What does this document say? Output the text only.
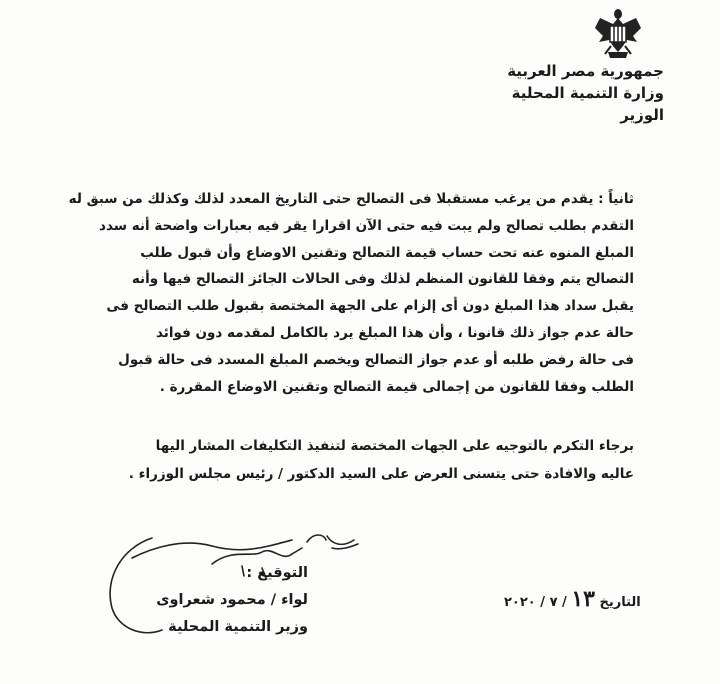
جمهورية مصر العربية
وزارة التنمية المحلية
الوزير

ثانياً : يقدم من يرغب مستقبلا فى التصالح حتى التاريخ المعدد لذلك وكذلك من سبق له

التقدم بطلب تصالح ولم يبت فيه حتى الآن اقرارا يقر فيه بعبارات واضحة أنه سدد

المبلغ المنوه عنه تحت حساب قيمة التصالح وتقنين الاوضاع وأن قبول طلب

التصالح يتم وفقا للقانون المنظم لذلك وفى الحالات الجائز التصالح فيها وأنه

يقبل سداد هذا المبلغ دون أى إلزام على الجهة المختصة بقبول طلب التصالح فى

حالة عدم جواز ذلك قانونا ، وأن هذا المبلغ يرد بالكامل لمقدمه دون فوائد

فى حالة رفض طلبه أو عدم جواز التصالح ويخصم المبلغ المسدد فى حالة قبول

الطلب وفقا للقانون من إجمالى قيمة التصالح وتقنين الاوضاع المقررة .

برجاء التكرم بالتوجيه على الجهات المختصة لتنفيذ التكليفات المشار اليها

عاليه والافادة حتى يتسنى العرض على السيد الدكتور / رئيس مجلس الوزراء .

التوقيع :
لواء / محمود شعراوى
وزير التنمية المحلية
التاريخ ١٣ / ٧ / ٢٠٢٠
